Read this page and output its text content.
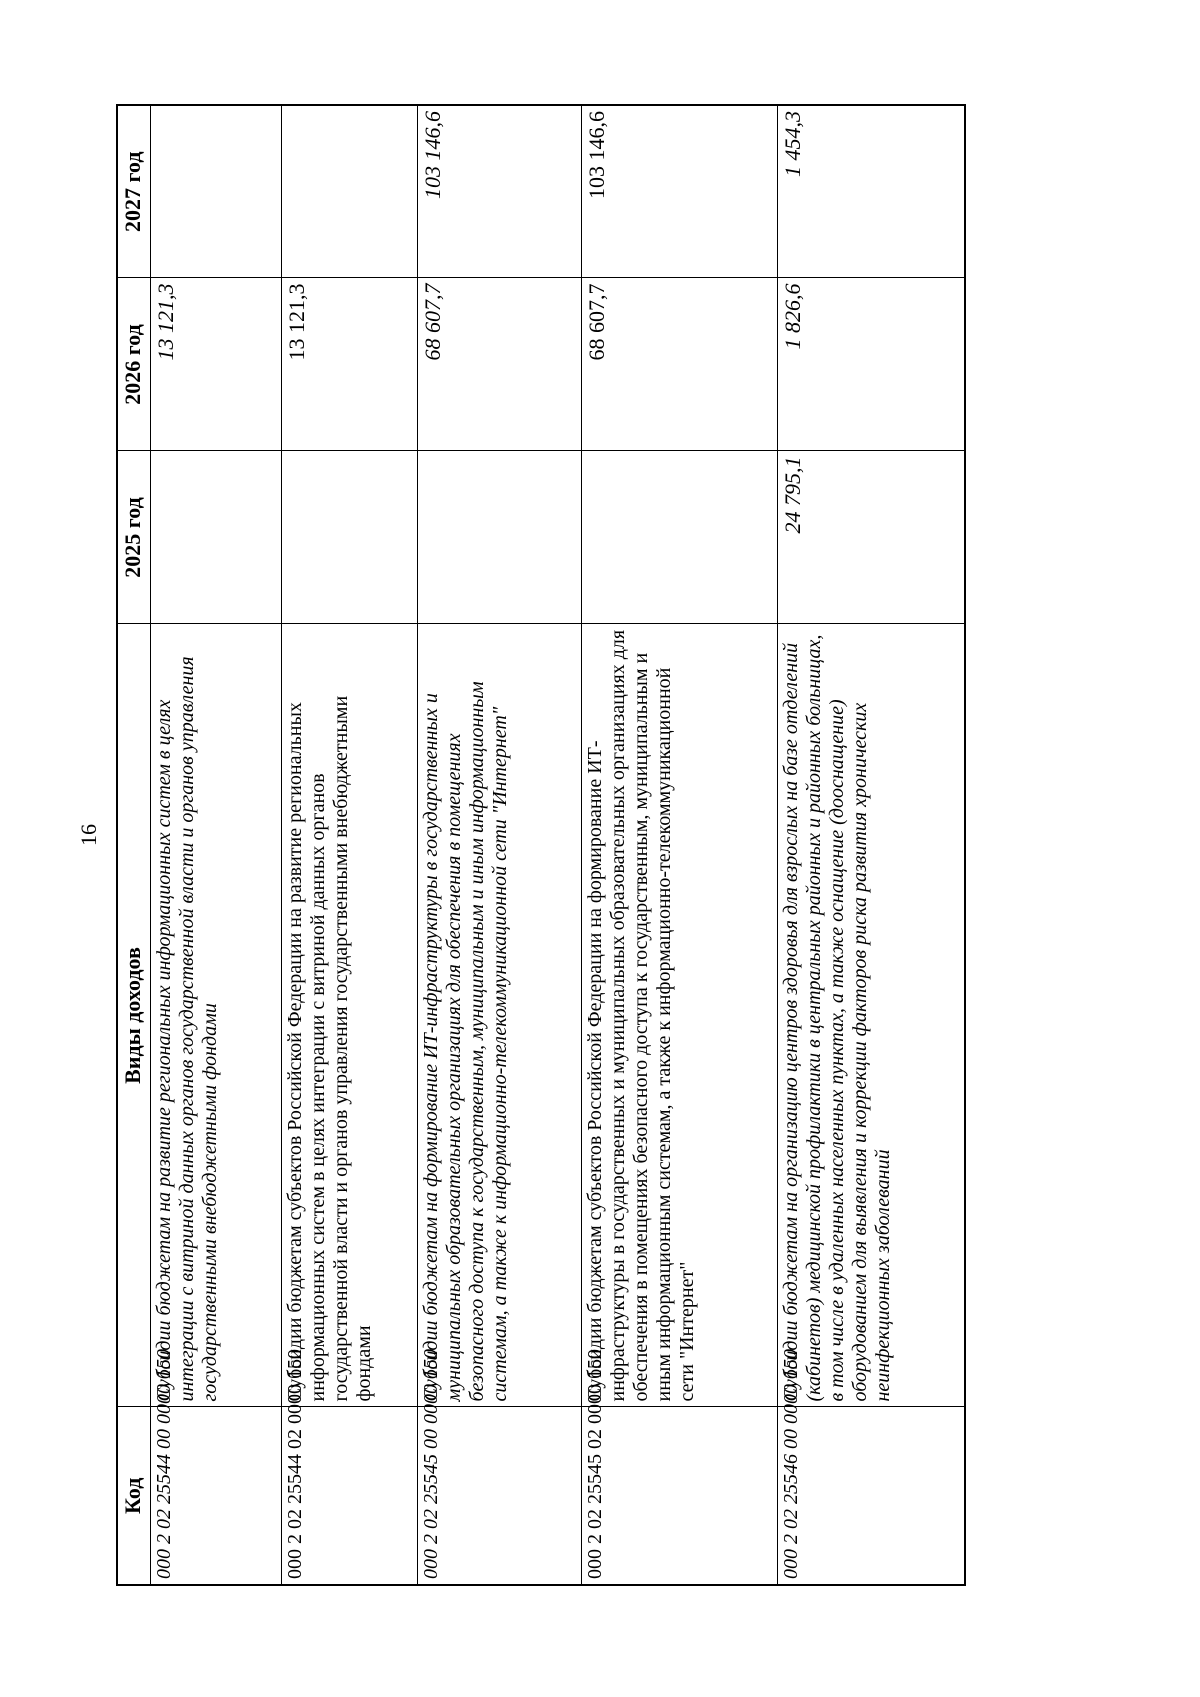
16
Код	Виды доходов	2025 год	2026 год	2027 год
000 2 02 25544 00 0000 150	Субсидии бюджетам на развитие региональных информационных систем в целях интеграции с витриной данных органов государственной власти и органов управления государственными внебюджетными фондами		13 121,3	
000 2 02 25544 02 0000 150	Субсидии бюджетам субъектов Российской Федерации на развитие региональных информационных систем в целях интеграции с витриной данных органов государственной власти и органов управления государственными внебюджетными фондами		13 121,3	
000 2 02 25545 00 0000 150	Субсидии бюджетам на формирование ИТ-инфраструктуры в государственных и муниципальных образовательных организациях для обеспечения в помещениях безопасного доступа к государственным, муниципальным и иным информационным системам, а также к информационно-телекоммуникационной сети "Интернет"		68 607,7	103 146,6
000 2 02 25545 02 0000 150	Субсидии бюджетам субъектов Российской Федерации на формирование ИТ-инфраструктуры в государственных и муниципальных образовательных организациях для обеспечения в помещениях безопасного доступа к государственным, муниципальным и иным информационным системам, а также к информационно-телекоммуникационной сети "Интернет"		68 607,7	103 146,6
000 2 02 25546 00 0000 150	Субсидии бюджетам на организацию центров здоровья для взрослых на базе отделений (кабинетов) медицинской профилактики в центральных районных и районных больницах, в том числе в удаленных населенных пунктах, а также оснащение (дооснащение) оборудованием для выявления и коррекции факторов риска развития хронических неинфекционных заболеваний	24 795,1	1 826,6	1 454,3
